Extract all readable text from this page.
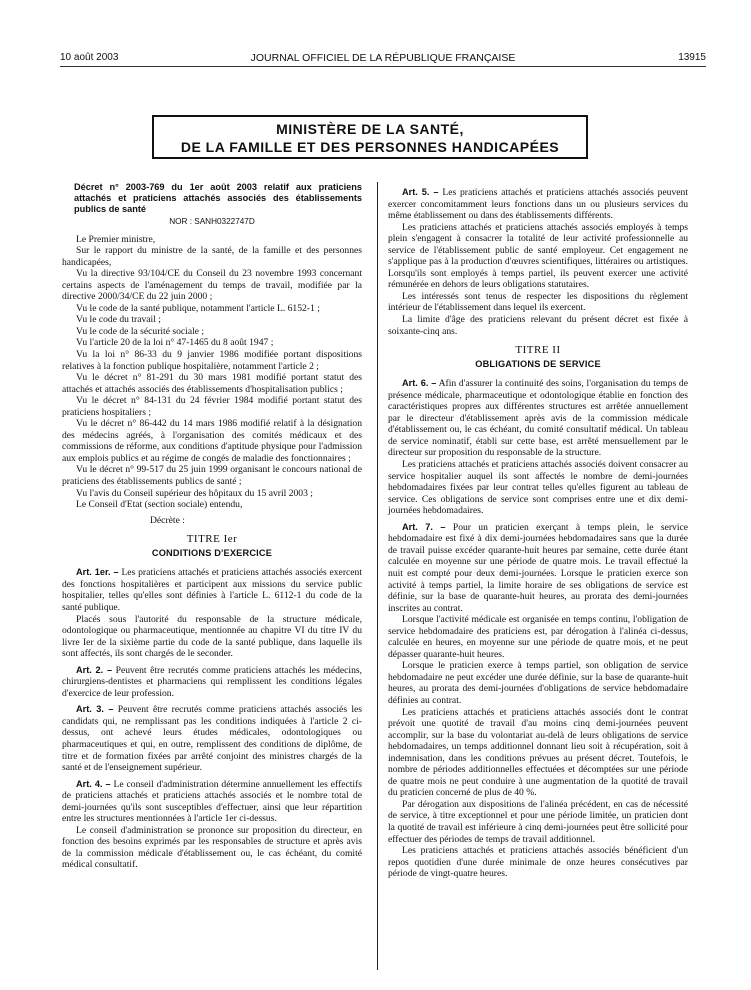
10 août 2003	JOURNAL OFFICIEL DE LA RÉPUBLIQUE FRANÇAISE	13915
MINISTÈRE DE LA SANTÉ,
DE LA FAMILLE ET DES PERSONNES HANDICAPÉES

Décret n° 2003-769 du 1er août 2003 relatif aux praticiens attachés et praticiens attachés associés des établissements publics de santé

NOR : SANH0322747D

Le Premier ministre,

Sur le rapport du ministre de la santé, de la famille et des personnes handicapées,

Vu la directive 93/104/CE du Conseil du 23 novembre 1993 concernant certains aspects de l'aménagement du temps de travail, modifiée par la directive 2000/34/CE du 22 juin 2000 ;

Vu le code de la santé publique, notamment l'article L. 6152-1 ;

Vu le code du travail ;

Vu le code de la sécurité sociale ;

Vu l'article 20 de la loi n° 47-1465 du 8 août 1947 ;

Vu la loi n° 86-33 du 9 janvier 1986 modifiée portant dispositions relatives à la fonction publique hospitalière, notamment l'article 2 ;

Vu le décret n° 81-291 du 30 mars 1981 modifié portant statut des attachés et attachés associés des établissements d'hospitalisation publics ;

Vu le décret n° 84-131 du 24 février 1984 modifié portant statut des praticiens hospitaliers ;

Vu le décret n° 86-442 du 14 mars 1986 modifié relatif à la désignation des médecins agréés, à l'organisation des comités médicaux et des commissions de réforme, aux conditions d'aptitude physique pour l'admission aux emplois publics et au régime de congés de maladie des fonctionnaires ;

Vu le décret n° 99-517 du 25 juin 1999 organisant le concours national de praticiens des établissements publics de santé ;

Vu l'avis du Conseil supérieur des hôpitaux du 15 avril 2003 ;

Le Conseil d'Etat (section sociale) entendu,

Décrète :

TITRE Ier

CONDITIONS D'EXERCICE

Art. 1er. – Les praticiens attachés et praticiens attachés associés exercent des fonctions hospitalières et participent aux missions du service public hospitalier, telles qu'elles sont définies à l'article L. 6112-1 du code de la santé publique.

Placés sous l'autorité du responsable de la structure médicale, odontologique ou pharmaceutique, mentionnée au chapitre VI du titre IV du livre Ier de la sixième partie du code de la santé publique, dans laquelle ils sont affectés, ils sont chargés de le seconder.

Art. 2. – Peuvent être recrutés comme praticiens attachés les médecins, chirurgiens-dentistes et pharmaciens qui remplissent les conditions légales d'exercice de leur profession.

Art. 3. – Peuvent être recrutés comme praticiens attachés associés les candidats qui, ne remplissant pas les conditions indiquées à l'article 2 ci-dessus, ont achevé leurs études médicales, odontologiques ou pharmaceutiques et qui, en outre, remplissent des conditions de diplôme, de titre et de formation fixées par arrêté conjoint des ministres chargés de la santé et de l'enseignement supérieur.

Art. 4. – Le conseil d'administration détermine annuellement les effectifs de praticiens attachés et praticiens attachés associés et le nombre total de demi-journées qu'ils sont susceptibles d'effectuer, ainsi que leur répartition entre les structures mentionnées à l'article 1er ci-dessus.

Le conseil d'administration se prononce sur proposition du directeur, en fonction des besoins exprimés par les responsables de structure et après avis de la commission médicale d'établissement ou, le cas échéant, du comité médical consultatif.

Art. 5. – Les praticiens attachés et praticiens attachés associés peuvent exercer concomitamment leurs fonctions dans un ou plusieurs services du même établissement ou dans des établissements différents.

Les praticiens attachés et praticiens attachés associés employés à temps plein s'engagent à consacrer la totalité de leur activité professionnelle au service de l'établissement public de santé employeur. Cet engagement ne s'applique pas à la production d'œuvres scientifiques, littéraires ou artistiques. Lorsqu'ils sont employés à temps partiel, ils peuvent exercer une activité rémunérée en dehors de leurs obligations statutaires.

Les intéressés sont tenus de respecter les dispositions du règlement intérieur de l'établissement dans lequel ils exercent.

La limite d'âge des praticiens relevant du présent décret est fixée à soixante-cinq ans.

TITRE II

OBLIGATIONS DE SERVICE

Art. 6. – Afin d'assurer la continuité des soins, l'organisation du temps de présence médicale, pharmaceutique et odontologique établie en fonction des caractéristiques propres aux différentes structures est arrêtée annuellement par le directeur d'établissement après avis de la commission médicale d'établissement ou, le cas échéant, du comité consultatif médical. Un tableau de service nominatif, établi sur cette base, est arrêté mensuellement par le directeur sur proposition du responsable de la structure.

Les praticiens attachés et praticiens attachés associés doivent consacrer au service hospitalier auquel ils sont affectés le nombre de demi-journées hebdomadaires fixées par leur contrat telles qu'elles figurent au tableau de service. Ces obligations de service sont comprises entre une et dix demi-journées hebdomadaires.

Art. 7. – Pour un praticien exerçant à temps plein, le service hebdomadaire est fixé à dix demi-journées hebdomadaires sans que la durée de travail puisse excéder quarante-huit heures par semaine, cette durée étant calculée en moyenne sur une période de quatre mois. Le travail effectué la nuit est compté pour deux demi-journées. Lorsque le praticien exerce son activité à temps partiel, la limite horaire de ses obligations de service est définie, sur la base de quarante-huit heures, au prorata des demi-journées inscrites au contrat.

Lorsque l'activité médicale est organisée en temps continu, l'obligation de service hebdomadaire des praticiens est, par dérogation à l'alinéa ci-dessus, calculée en heures, en moyenne sur une période de quatre mois, et ne peut dépasser quarante-huit heures.

Lorsque le praticien exerce à temps partiel, son obligation de service hebdomadaire ne peut excéder une durée définie, sur la base de quarante-huit heures, au prorata des demi-journées d'obligations de service hebdomadaire définies au contrat.

Les praticiens attachés et praticiens attachés associés dont le contrat prévoit une quotité de travail d'au moins cinq demi-journées peuvent accomplir, sur la base du volontariat au-delà de leurs obligations de service hebdomadaires, un temps additionnel donnant lieu soit à récupération, soit à indemnisation, dans les conditions prévues au présent décret. Toutefois, le nombre de périodes additionnelles effectuées et décomptées sur une période de quatre mois ne peut conduire à une augmentation de la quotité de travail du praticien concerné de plus de 40 %.

Par dérogation aux dispositions de l'alinéa précédent, en cas de nécessité de service, à titre exceptionnel et pour une période limitée, un praticien dont la quotité de travail est inférieure à cinq demi-journées peut être sollicité pour effectuer des périodes de temps de travail additionnel.

Les praticiens attachés et praticiens attachés associés bénéficient d'un repos quotidien d'une durée minimale de onze heures consécutives par période de vingt-quatre heures.
